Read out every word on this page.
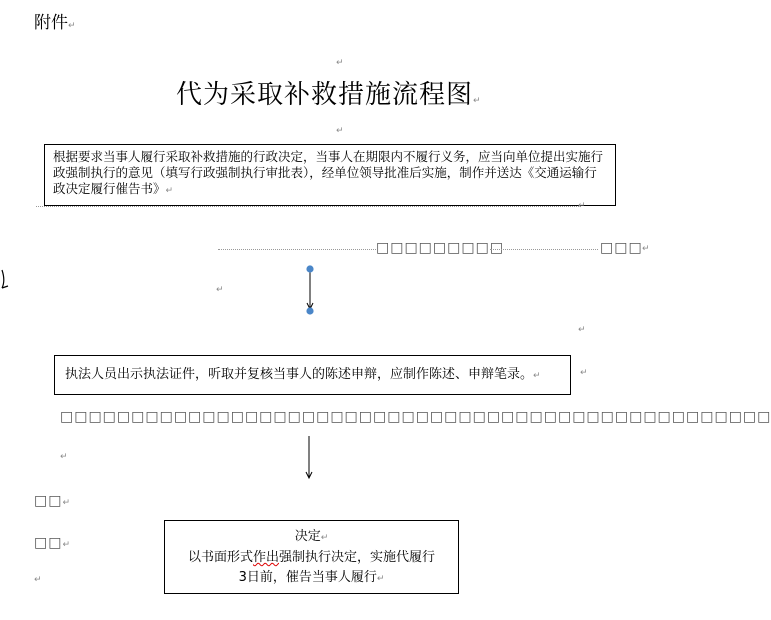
附件↵
↵
代为采取补救措施流程图↵
↵
根据要求当事人履行采取补救措施的行政决定，当事人在期限内不履行义务，应当向单位提出实施行政强制执行的意见（填写行政强制执行审批表），经单位领导批准后实施，制作并送达《交通运输行政决定履行催告书》↵
↵
□□□□□□□□□	□□□ ↵
↵
↵
执法人员出示执法证件，听取并复核当事人的陈述申辩，应制作陈述、申辩笔录。↵	↵
□□□□□□□□□□□□□□□□□□□□□□□□□□□□□□□□□□□□□□□□□□□□□□□□□□
↵
□□↵
□□↵
↵
决定↵
以书面形式作出强制执行决定，实施代履行
3日前，催告当事人履行↵
